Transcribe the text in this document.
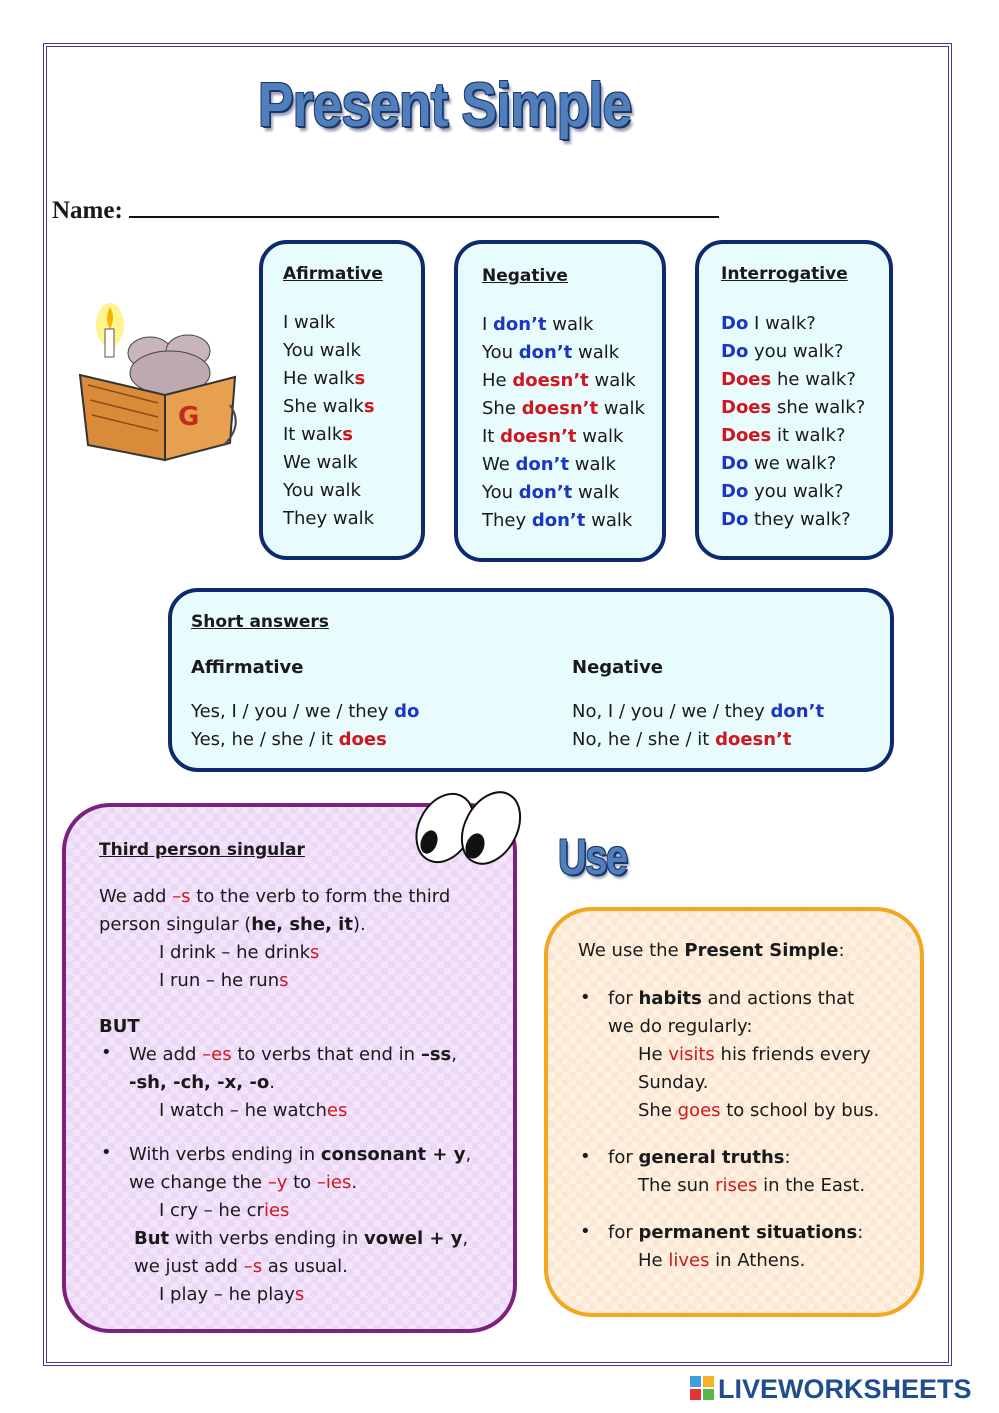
Present Simple
Name:
G
Afirmative
I walk
You walk
He walks
She walks
It walks
We walk
You walk
They walk
Negative
I don’t walk
You don’t walk
He doesn’t walk
She doesn’t walk
It doesn’t walk
We don’t walk
You don’t walk
They don’t walk
Interrogative
Do I walk?
Do you walk?
Does he walk?
Does she walk?
Does it walk?
Do we walk?
Do you walk?
Do they walk?
Short answers
Affirmative
Yes, I / you / we / they do
Yes, he / she / it does
Negative
No, I / you / we / they don’t
No, he / she / it doesn’t
Third person singular
We add –s to the verb to form the third
person singular (he, she, it).
I drink – he drinks
I run – he runs
BUT
• We add –es to verbs that end in –ss,
-sh, -ch, -x, -o.
I watch – he watches
• With verbs ending in consonant + y,
we change the –y to –ies.
I cry – he cries
But with verbs ending in vowel + y,
we just add –s as usual.
I play – he plays
Use
We use the Present Simple:
• for habits and actions that
we do regularly:
He visits his friends every
Sunday.
She goes to school by bus.
• for general truths:
The sun rises in the East.
• for permanent situations:
He lives in Athens.
LIVEWORKSHEETS
